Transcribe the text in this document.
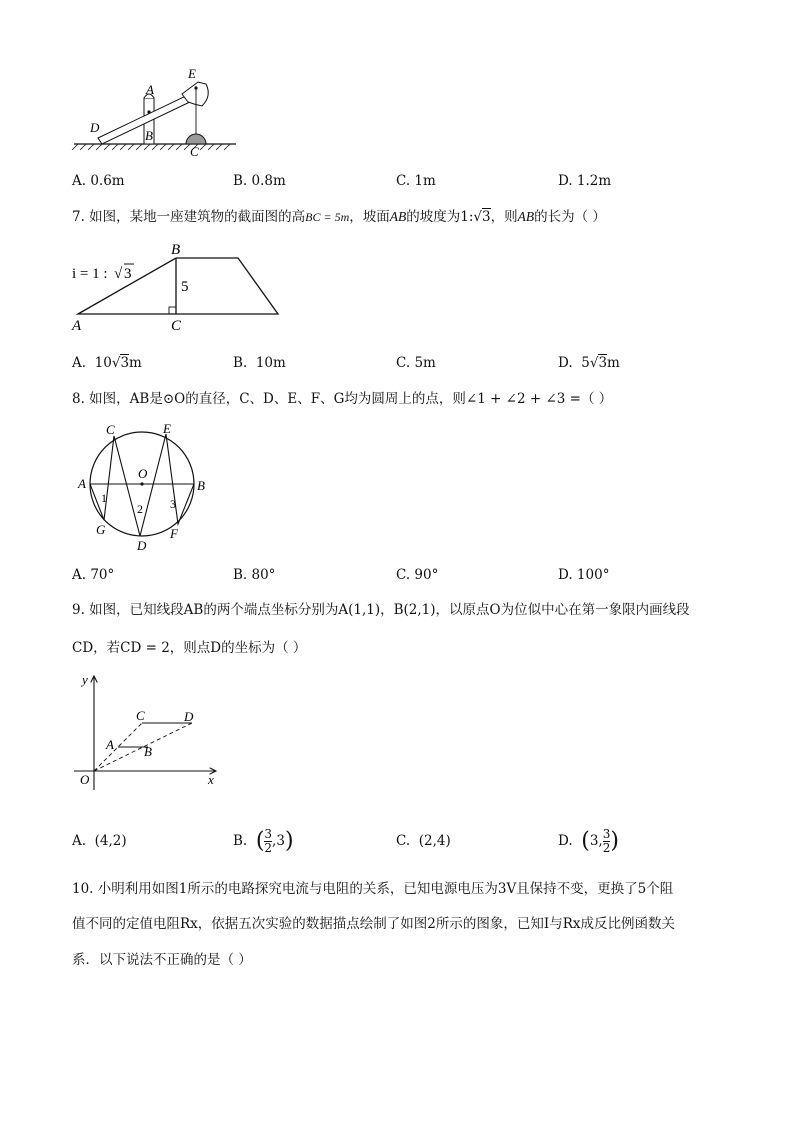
A
E
D
B
C
A. 0.6m	B. 0.8m	C. 1m	D. 1.2m
7. 如图，某地一座建筑物的截面图的高BC = 5m，坡面AB的坡度为1:√3，则AB的长为（ ）
i = 1 : √ 3
5
B
A	C
A. 10√3m	B. 10m	C. 5m	D. 5√3m
8. 如图，AB是⊙O的直径，C、D、E、F、G均为圆周上的点，则∠1 + ∠2 + ∠3 =（ ）
C	E
O
A	B
1
2 3
G
D
F
A. 70°	B. 80°	C. 90°	D. 100°
9. 如图，已知线段AB的两个端点坐标分别为A(1,1)，B(2,1)，以原点O为位似中心在第一象限内画线段
CD，若CD = 2，则点D的坐标为（ ）
y
C	D
A B
O	x
A. (4,2)	B. ( $\frac{3}{2} ,3$)	C. (2,4)	D. (3, $\frac{3}{2}$ )
10. 小明利用如图1所示的电路探究电流与电阻的关系，已知电源电压为3V且保持不变，更换了5个阻
值不同的定值电阻Rx，依据五次实验的数据描点绘制了如图2所示的图象，已知I与Rx成反比例函数关
系．以下说法不正确的是（ ）
